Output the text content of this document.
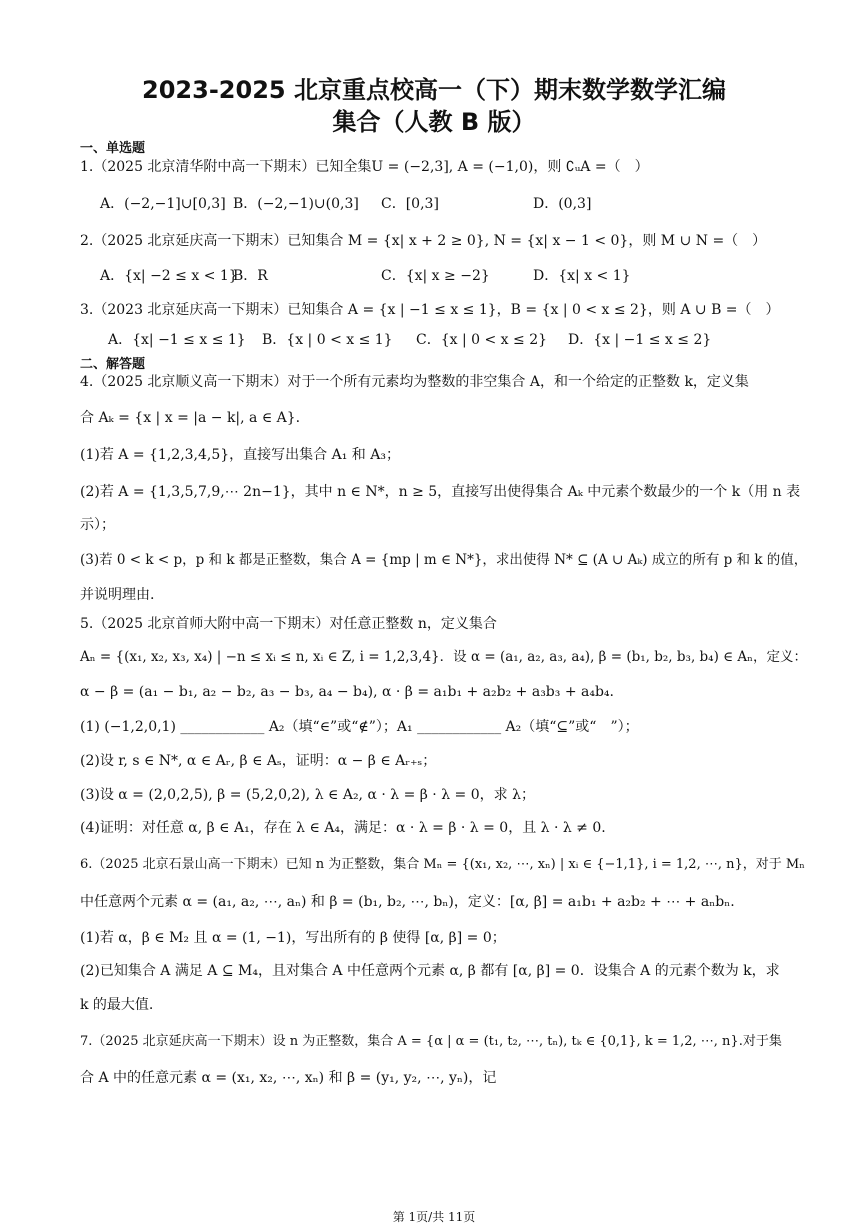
2023-2025 北京重点校高一（下）期末数学数学汇编
集合（人教 B 版）
一、单选题
1.（2025 北京清华附中高一下期末）已知全集U = (−2,3], A = (−1,0)，则 ∁ᵤA =（　）
A．(−2,−1]∪[0,3] B．(−2,−1)∪(0,3] C．[0,3]	D．(0,3]
2.（2025 北京延庆高一下期末）已知集合 M = {x| x + 2 ≥ 0}, N = {x| x − 1 < 0}，则 M ∪ N =（　）
A．{x| −2 ≤ x < 1}
B．R	C．{x| x ≥ −2}	D．{x| x < 1}
3.（2023 北京延庆高一下期末）已知集合 A = {x | −1 ≤ x ≤ 1}，B = {x | 0 < x ≤ 2}，则 A ∪ B =（　）
A．{x| −1 ≤ x ≤ 1} B．{x | 0 < x ≤ 1} C．{x | 0 < x ≤ 2} D．{x | −1 ≤ x ≤ 2}
二、解答题
4.（2025 北京顺义高一下期末）对于一个所有元素均为整数的非空集合 A，和一个给定的正整数 k，定义集
合 Aₖ = {x | x = |a − k|, a ∈ A}.
(1)若 A = {1,2,3,4,5}，直接写出集合 A₁ 和 A₃；
(2)若 A = {1,3,5,7,9,⋯ 2n−1}，其中 n ∈ N*，n ≥ 5，直接写出使得集合 Aₖ 中元素个数最少的一个 k（用 n 表
示）；
(3)若 0 < k < p，p 和 k 都是正整数，集合 A = {mp | m ∈ N*}，求出使得 N* ⊆ (A ∪ Aₖ) 成立的所有 p 和 k 的值，
并说明理由.
5.（2025 北京首师大附中高一下期末）对任意正整数 n，定义集合
Aₙ = {(x₁, x₂, x₃, x₄) | −n ≤ xᵢ ≤ n, xᵢ ∈ Z, i = 1,2,3,4}．设 α = (a₁, a₂, a₃, a₄), β = (b₁, b₂, b₃, b₄) ∈ Aₙ，定义：
α − β = (a₁ − b₁, a₂ − b₂, a₃ − b₃, a₄ − b₄), α · β = a₁b₁ + a₂b₂ + a₃b₃ + a₄b₄.
(1) (−1,2,0,1) ____________ A₂（填“∈”或“∉”）；A₁ ____________ A₂（填“⊆”或“　”）；
(2)设 r, s ∈ N*, α ∈ Aᵣ, β ∈ Aₛ，证明：α − β ∈ Aᵣ₊ₛ；
(3)设 α = (2,0,2,5), β = (5,2,0,2), λ ∈ A₂, α · λ = β · λ = 0，求 λ；
(4)证明：对任意 α, β ∈ A₁，存在 λ ∈ A₄，满足：α · λ = β · λ = 0，且 λ · λ ≠ 0.
6.（2025 北京石景山高一下期末）已知 n 为正整数，集合 Mₙ = {(x₁, x₂, ⋯, xₙ) | xᵢ ∈ {−1,1}, i = 1,2, ⋯, n}，对于 Mₙ
中任意两个元素 α = (a₁, a₂, ⋯, aₙ) 和 β = (b₁, b₂, ⋯, bₙ)，定义：[α, β] = a₁b₁ + a₂b₂ + ⋯ + aₙbₙ.
(1)若 α，β ∈ M₂ 且 α = (1, −1)，写出所有的 β 使得 [α, β] = 0；
(2)已知集合 A 满足 A ⊆ M₄，且对集合 A 中任意两个元素 α, β 都有 [α, β] = 0．设集合 A 的元素个数为 k，求
k 的最大值.
7.（2025 北京延庆高一下期末）设 n 为正整数，集合 A = {α | α = (t₁, t₂, ⋯, tₙ), tₖ ∈ {0,1}, k = 1,2, ⋯, n}.对于集
合 A 中的任意元素 α = (x₁, x₂, ⋯, xₙ) 和 β = (y₁, y₂, ⋯, yₙ)，记
第 1页/共 11页
